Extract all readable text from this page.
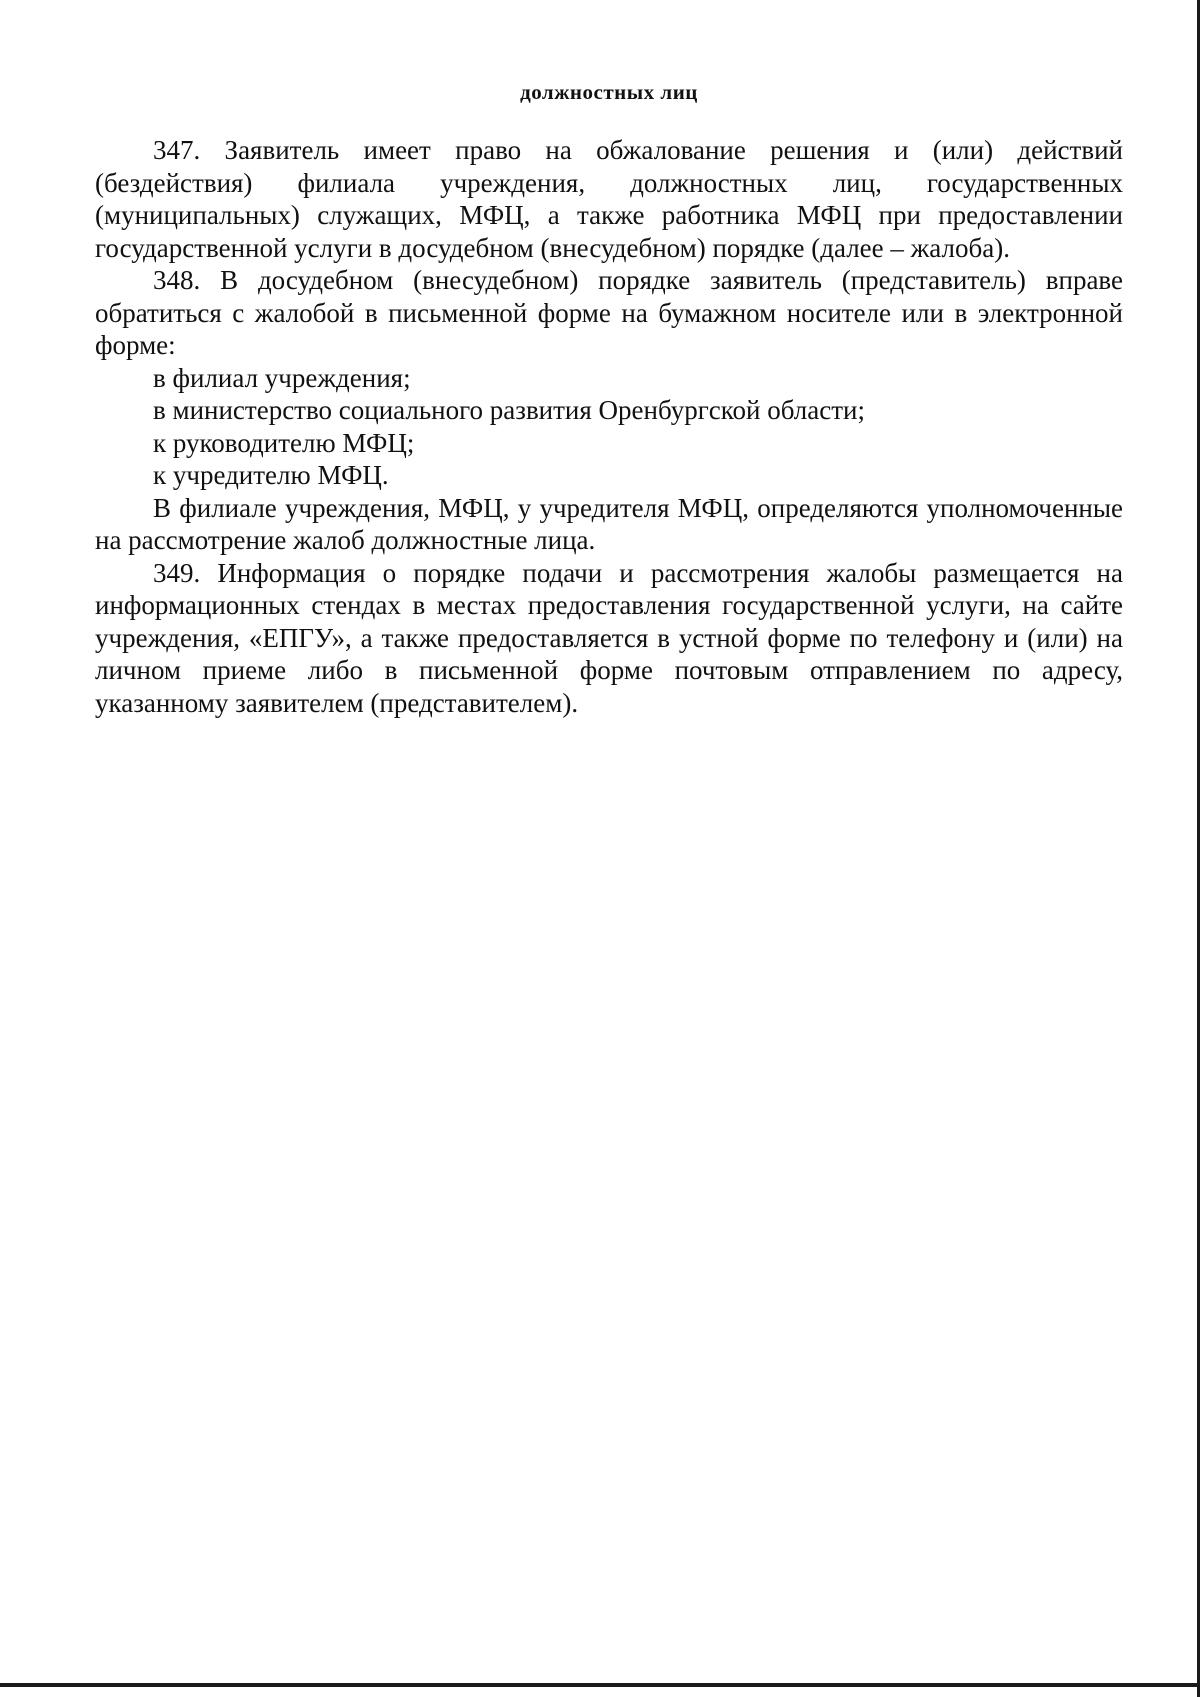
должностных лиц

347. Заявитель имеет право на обжалование решения и (или) действий (бездействия) филиала учреждения, должностных лиц, государственных (муниципальных) служащих, МФЦ, а также работника МФЦ при предоставлении государственной услуги в досудебном (внесудебном) порядке (далее – жалоба).

348. В досудебном (внесудебном) порядке заявитель (представитель) вправе обратиться с жалобой в письменной форме на бумажном носителе или в электронной форме:

в филиал учреждения;

в министерство социального развития Оренбургской области;

к руководителю МФЦ;

к учредителю МФЦ.

В филиале учреждения, МФЦ, у учредителя МФЦ, определяются уполномоченные на рассмотрение жалоб должностные лица.

349. Информация о порядке подачи и рассмотрения жалобы размещается на информационных стендах в местах предоставления государственной услуги, на сайте учреждения, «ЕПГУ», а также предоставляется в устной форме по телефону и (или) на личном приеме либо в письменной форме почтовым отправлением по адресу, указанному заявителем (представителем).
